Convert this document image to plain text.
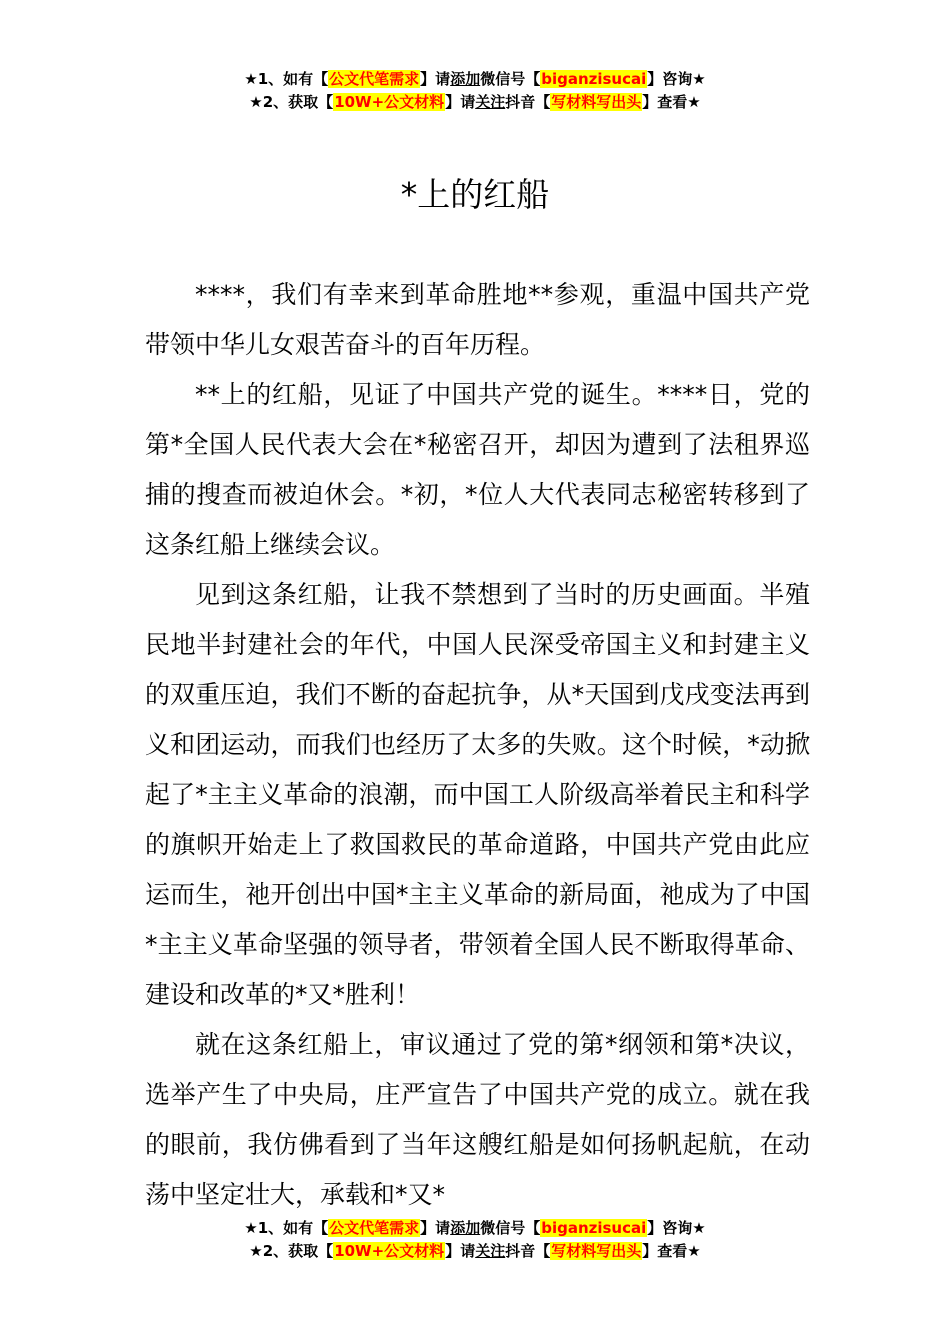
★1、如有【公文代笔需求】请添加微信号【biganzisucai】咨询★
★2、获取【10W+公文材料】请关注抖音【写材料写出头】查看★
*上的红船

****，我们有幸来到革命胜地**参观，重温中国共产党带领中华儿女艰苦奋斗的百年历程。

**上的红船，见证了中国共产党的诞生。****日，党的第*全国人民代表大会在*秘密召开，却因为遭到了法租界巡捕的搜查而被迫休会。*初，*位人大代表同志秘密转移到了这条红船上继续会议。

见到这条红船，让我不禁想到了当时的历史画面。半殖民地半封建社会的年代，中国人民深受帝国主义和封建主义的双重压迫，我们不断的奋起抗争，从*天国到戊戌变法再到义和团运动，而我们也经历了太多的失败。这个时候，*动掀起了*主主义革命的浪潮，而中国工人阶级高举着民主和科学的旗帜开始走上了救国救民的革命道路，中国共产党由此应运而生，祂开创出中国*主主义革命的新局面，祂成为了中国*主主义革命坚强的领导者，带领着全国人民不断取得革命、建设和改革的*又*胜利！

就在这条红船上，审议通过了党的第*纲领和第*决议，选举产生了中央局，庄严宣告了中国共产党的成立。就在我的眼前，我仿佛看到了当年这艘红船是如何扬帆起航，在动荡中坚定壮大，承载和*又*

★1、如有【公文代笔需求】请添加微信号【biganzisucai】咨询★
★2、获取【10W+公文材料】请关注抖音【写材料写出头】查看★
